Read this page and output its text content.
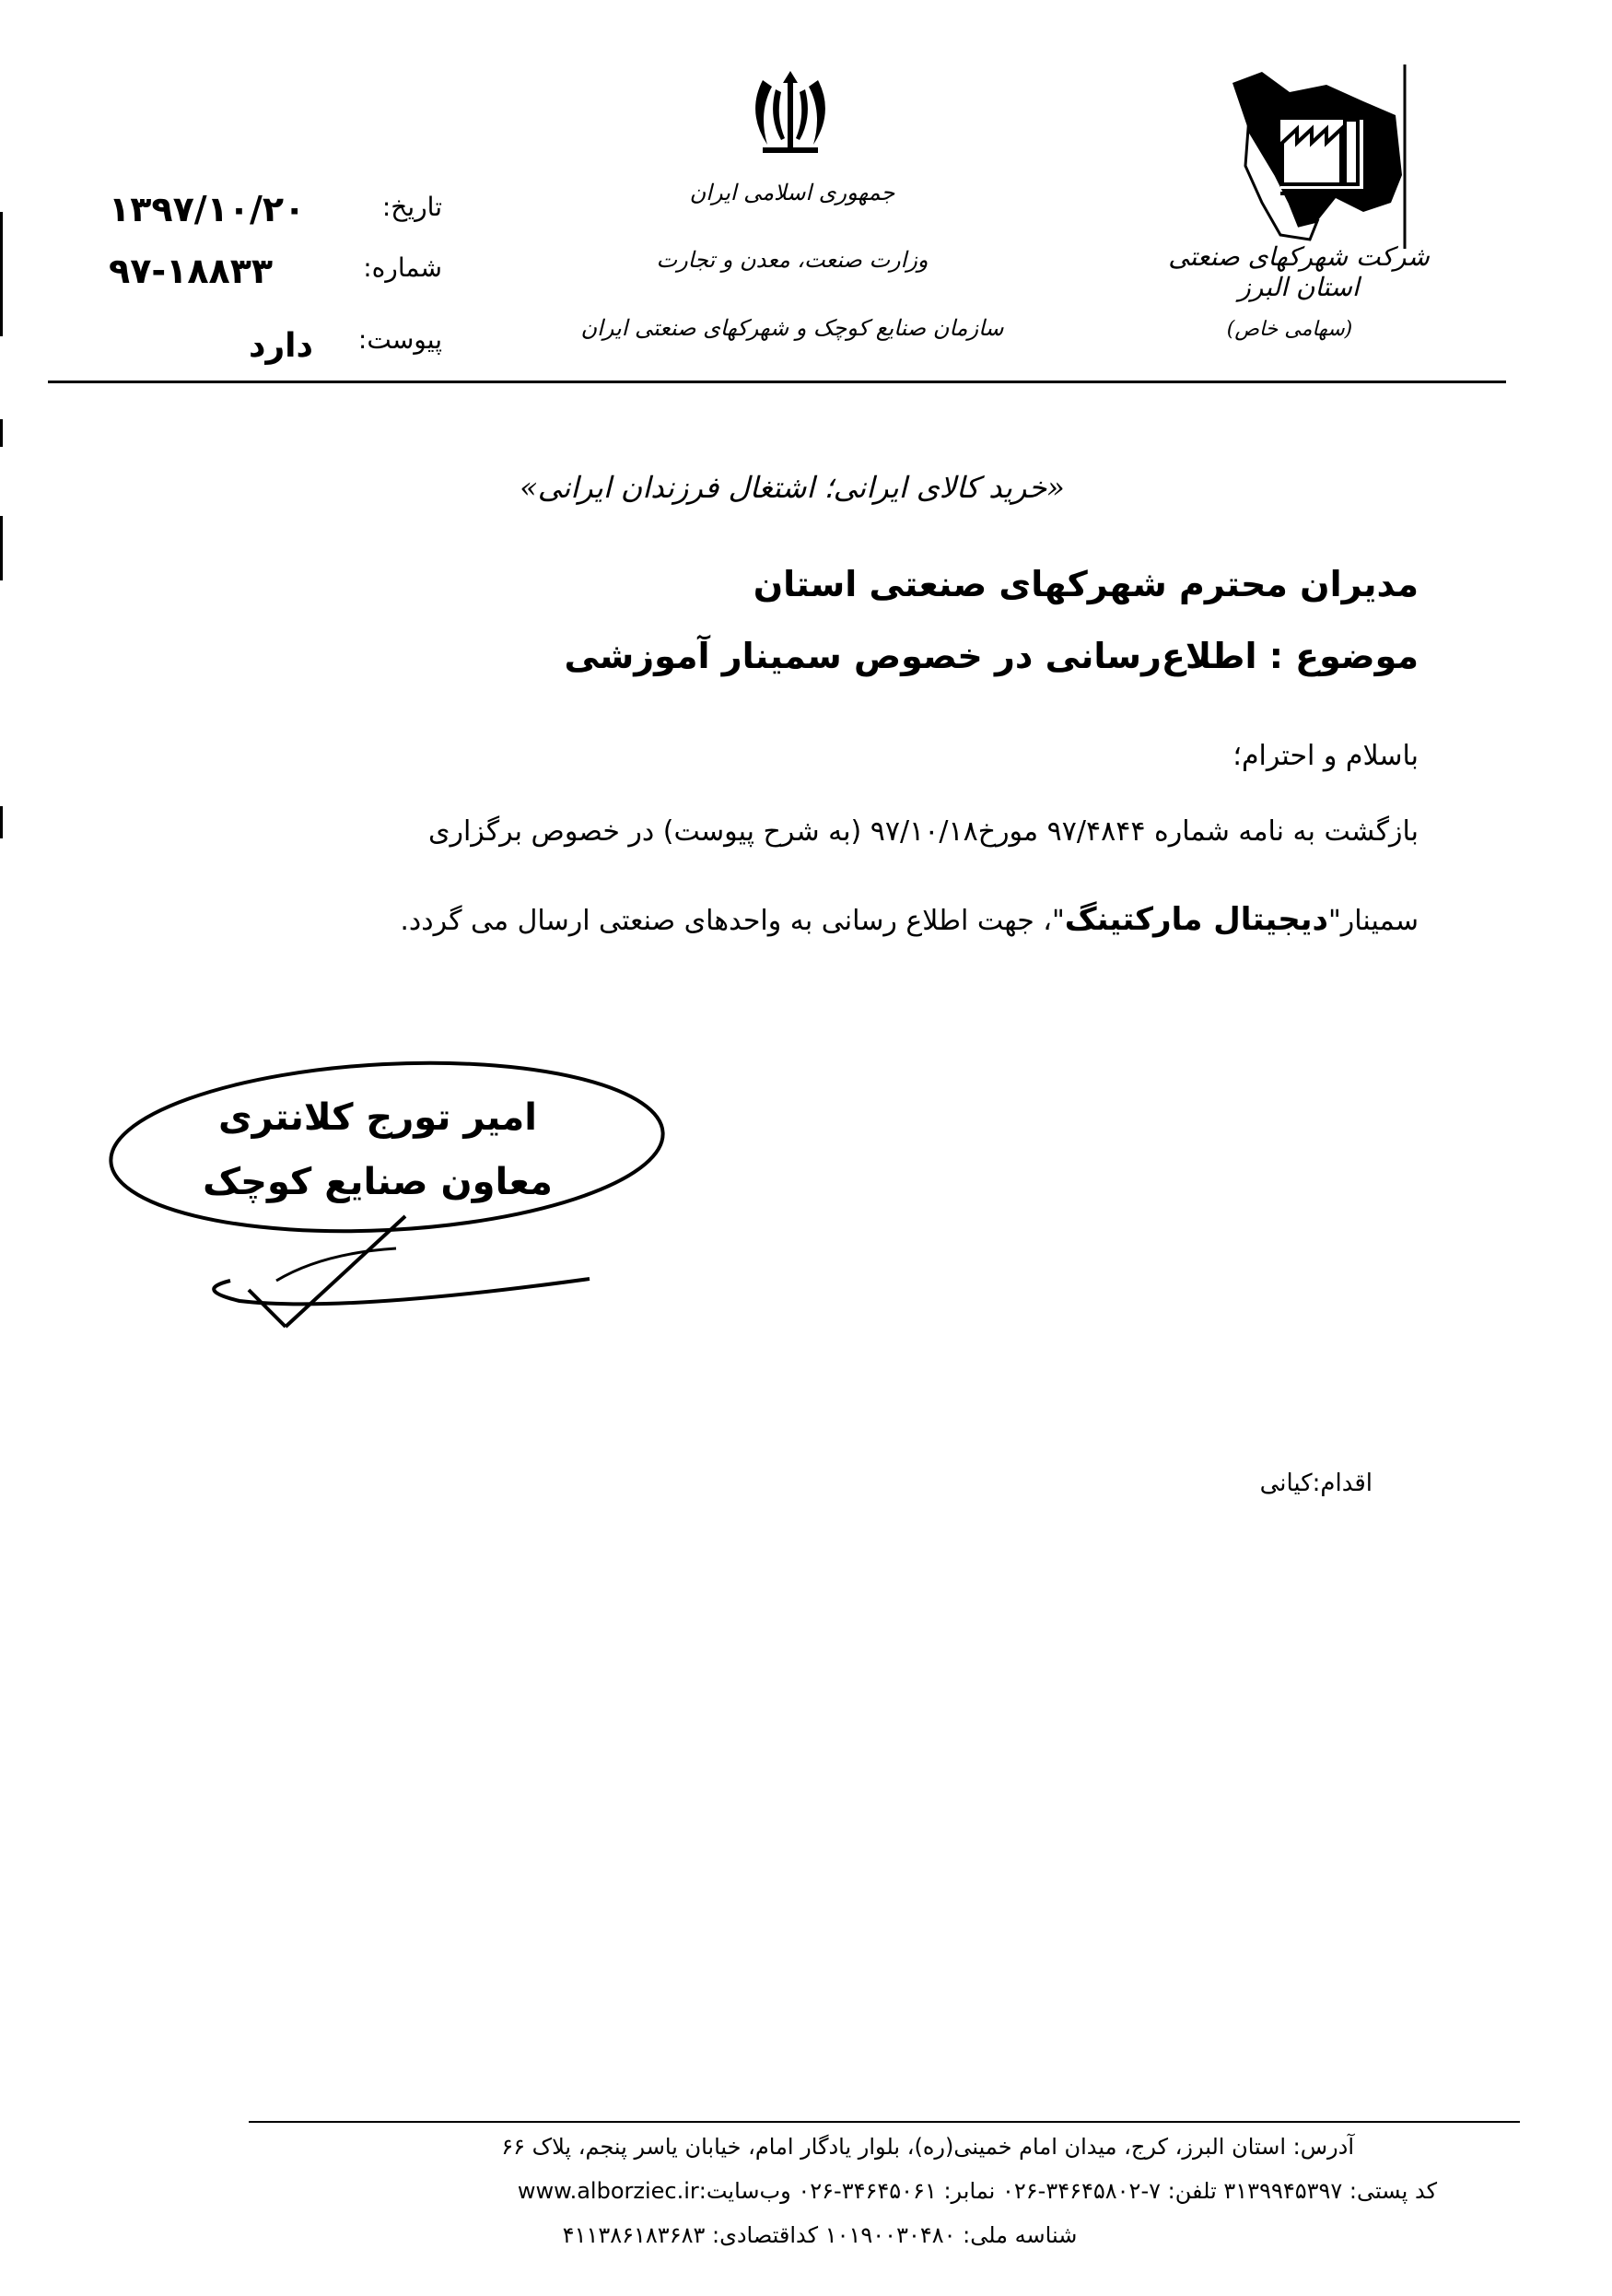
شرکت شهرکهای صنعتی استان البرز
(سهامی خاص)
جمهوری اسلامی ایران
وزارت صنعت، معدن و تجارت
سازمان صنایع کوچک و شهرکهای صنعتی ایران
تاریخ:
۱۳۹۷/۱۰/۲۰
شماره:
۹۷-۱۸۸۳۳
پیوست:
دارد
«خرید کالای ایرانی؛ اشتغال فرزندان ایرانی»
مدیران محترم شهرکهای صنعتی استان
موضوع : اطلاع‌رسانی در خصوص سمینار آموزشی
باسلام و احترام؛
بازگشت به نامه شماره ۹۷/۴۸۴۴ مورخ۹۷/۱۰/۱۸ (به شرح پیوست) در خصوص برگزاری
سمینار"دیجیتال مارکتینگ"، جهت اطلاع رسانی به واحدهای صنعتی ارسال می گردد.
امیر تورج کلانتری
معاون صنایع کوچک
اقدام:کیانی
آدرس: استان البرز، کرج، میدان امام خمینی(ره)، بلوار یادگار امام، خیابان یاسر پنجم، پلاک ۶۶
کد پستی: ۳۱۳۹۹۴۵۳۹۷ تلفن: ۷-۳۴۶۴۵۸۰۲-۰۲۶ نمابر: ۳۴۶۴۵۰۶۱-۰۲۶ وب‌سایت:www.alborziec.ir
شناسه ملی: ۱۰۱۹۰۰۳۰۴۸۰ کداقتصادی: ۴۱۱۳۸۶۱۸۳۶۸۳
